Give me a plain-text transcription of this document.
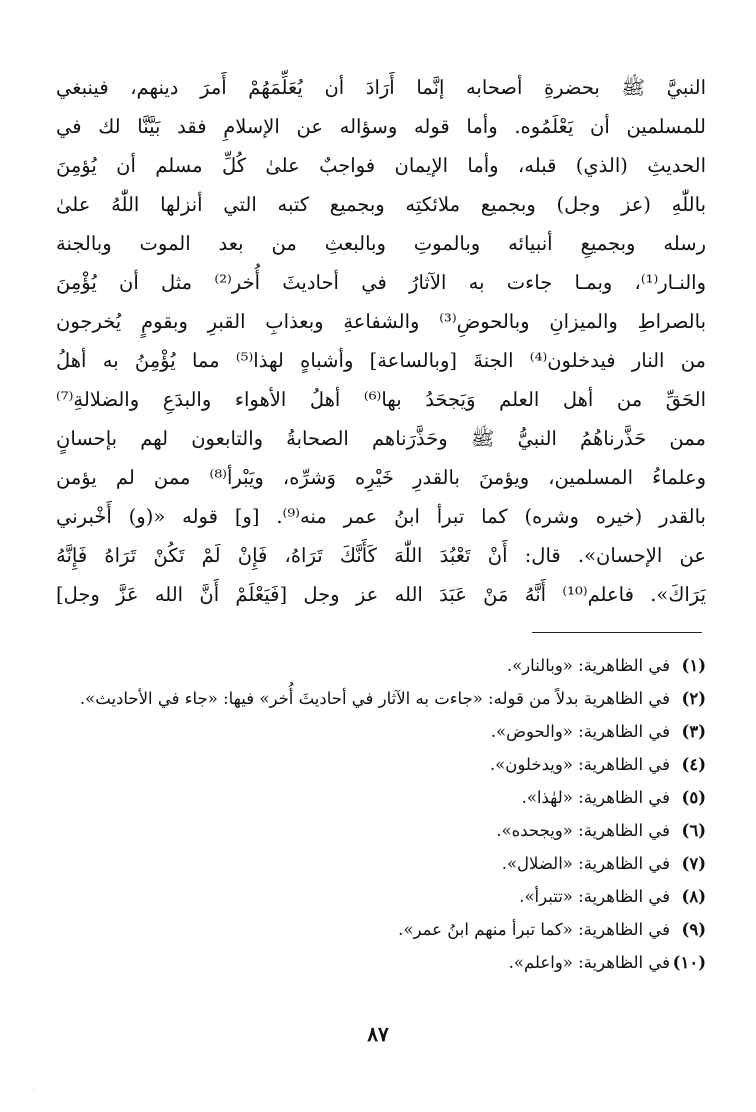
النبيَّ ﷺ بحضرةِ أصحابه إنَّما أَرَادَ أن يُعَلِّمَهُمْ أَمرَ دينهم، فينبغي
للمسلمين أن يَعْلَمُوه. وأما قوله وسؤاله عن الإسلامِ فقد بَيَّنَّا لك في
الحديثِ (الذي) قبله، وأما الإيمان فواجبٌ علىٰ كُلِّ مسلم أن يُؤمِنَ
باللّٰهِ (عز وجل) وبجميع ملائكتِه وبجميع كتبه التي أنزلها اللّٰهُ علىٰ
رسله وبجميعِ أنبيائه وبالموتِ وبالبعثِ من بعد الموت وبالجنة
والنـار⁽¹⁾، وبمـا جاءت به الآثارُ في أحاديثَ أُخر⁽²⁾ مثل أن يُؤْمِنَ
بالصراطِ والميزانِ وبالحوضِ⁽³⁾ والشفاعةِ وبعذابِ القبرِ وبقومٍ يُخرجون
من النار فيدخلون⁽⁴⁾ الجنةَ [وبالساعة] وأشباهٍ لهذا⁽⁵⁾ مما يُؤْمِنُ به أهلُ
الحَقِّ من أهل العلم وَيَجحَدُ بها⁽⁶⁾ أهلُ الأهواء والبدَعِ والضلالةِ⁽⁷⁾
ممن حَذَّرناهُمُ النبيُّ ﷺ وحَذَّرَناهم الصحابةُ والتابعون لهم بإحسانٍ
وعلماءُ المسلمين، ويؤمنَ بالقدرِ خَيْرِه وَشرِّه، ويَبْرأ⁽⁸⁾ ممن لم يؤمن
بالقدر (خيره وشره) كما تبرأ ابنُ عمر منه⁽⁹⁾. [و] قوله «(و) أَخْبرني
عن الإحسان». قال: أَنْ تَعْبُدَ اللّٰهَ كَأَنَّكَ تَرَاهُ، فَإِنْ لَمْ تَكُنْ تَرَاهُ فَإِنَّهُ
يَرَاكَ». فاعلم⁽¹⁰⁾ أَنَّهُ مَنْ عَبَدَ الله عز وجل [فَيَعْلَمْ أَنَّ الله عَزَّ وجل]
(١)
في الظاهرية: «وبالنار».
(٢)
في الظاهرية بدلاً من قوله: «جاءت به الآثار في أحاديثَ أُخر» فيها: «جاء في الأحاديث».
(٣)
في الظاهرية: «والحوض».
(٤)
في الظاهرية: «ويدخلون».
(٥)
في الظاهرية: «لهٰذا».
(٦)
في الظاهرية: «ويجحده».
(٧)
في الظاهرية: «الضلال».
(٨)
في الظاهرية: «تتبرأ».
(٩)
في الظاهرية: «كما تبرأ منهم ابنُ عمر».
(١٠)
في الظاهرية: «واعلم».
٨٧
·
